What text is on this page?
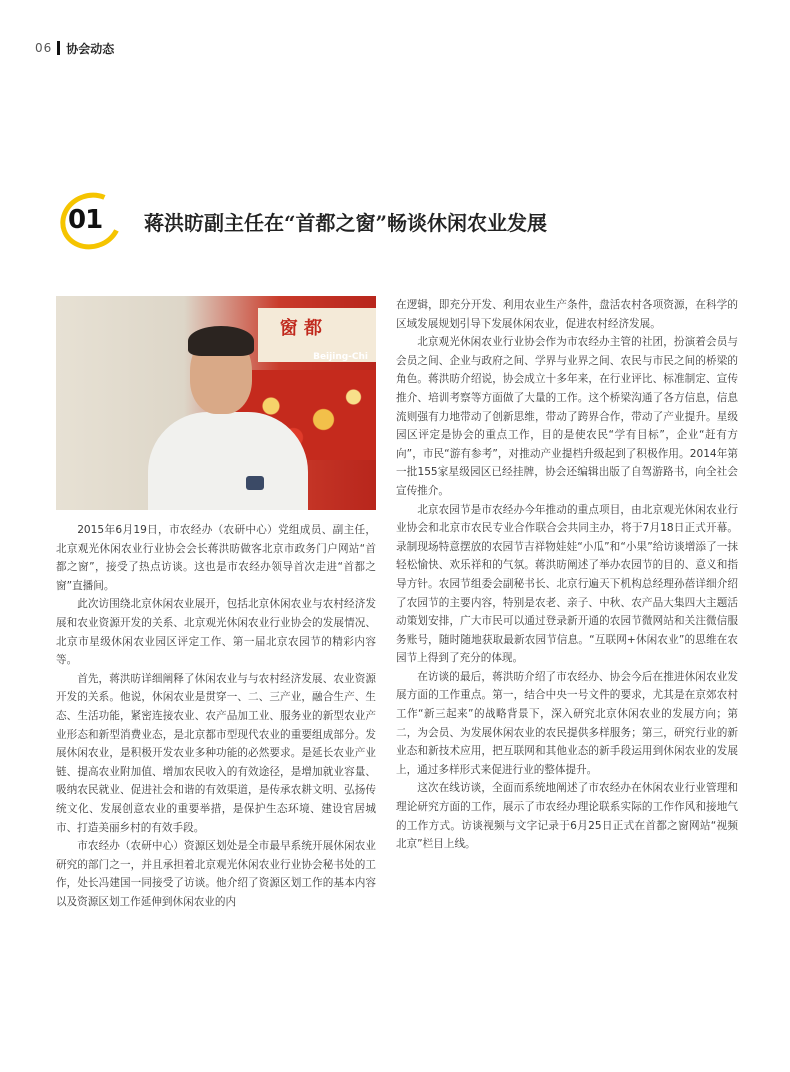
06 协会动态
01 蒋洪昉副主任在“首都之窗”畅谈休闲农业发展
窗 都
Beijing-Chi

2015年6月19日，市农经办（农研中心）党组成员、副主任，北京观光休闲农业行业协会会长蒋洪昉做客北京市政务门户网站“首都之窗”，接受了热点访谈。这也是市农经办领导首次走进“首都之窗”直播间。

此次访围绕北京休闲农业展开，包括北京休闲农业与农村经济发展和农业资源开发的关系、北京观光休闲农业行业协会的发展情况、北京市星级休闲农业园区评定工作、第一届北京农园节的精彩内容等。

首先，蒋洪昉详细阐释了休闲农业与与农村经济发展、农业资源开发的关系。他说，休闲农业是贯穿一、二、三产业，融合生产、生态、生活功能，紧密连接农业、农产品加工业、服务业的新型农业产业形态和新型消费业态，是北京都市型现代农业的重要组成部分。发展休闲农业，是积极开发农业多种功能的必然要求。是延长农业产业链、提高农业附加值、增加农民收入的有效途径，是增加就业容量、吸纳农民就业、促进社会和谐的有效渠道，是传承农耕文明、弘扬传统文化、发展创意农业的重要举措，是保护生态环境、建设官居城市、打造美丽乡村的有效手段。

市农经办（农研中心）资源区划处是全市最早系统开展休闲农业研究的部门之一，并且承担着北京观光休闲农业行业协会秘书处的工作，处长冯建国一同接受了访谈。他介绍了资源区划工作的基本内容以及资源区划工作延伸到休闲农业的内

在逻辑，即充分开发、利用农业生产条件，盘活农村各项资源，在科学的区域发展规划引导下发展休闲农业，促进农村经济发展。

北京观光休闲农业行业协会作为市农经办主管的社团，扮演着会员与会员之间、企业与政府之间、学界与业界之间、农民与市民之间的桥梁的角色。蒋洪昉介绍说，协会成立十多年来，在行业评比、标准制定、宣传推介、培训考察等方面做了大量的工作。这个桥梁沟通了各方信息，信息流则强有力地带动了创新思维，带动了跨界合作，带动了产业提升。星级园区评定是协会的重点工作，目的是使农民“学有目标”，企业“赶有方向”，市民“游有参考”，对推动产业提档升级起到了积极作用。2014年第一批155家星级园区已经挂牌，协会还编辑出版了自驾游路书，向全社会宣传推介。

北京农园节是市农经办今年推动的重点项目，由北京观光休闲农业行业协会和北京市农民专业合作联合会共同主办，将于7月18日正式开幕。录制现场特意摆放的农园节吉祥物娃娃“小瓜”和“小果”给访谈增添了一抹轻松愉快、欢乐祥和的气氛。蒋洪昉阐述了举办农园节的目的、意义和指导方针。农园节组委会副秘书长、北京行遍天下机构总经理孙蓓详细介绍了农园节的主要内容，特别是农老、亲子、中秋、农产品大集四大主题活动策划安排，广大市民可以通过登录新开通的农园节微网站和关注微信服务账号，随时随地获取最新农园节信息。“互联网+休闲农业”的思维在农园节上得到了充分的体现。

在访谈的最后，蒋洪昉介绍了市农经办、协会今后在推进休闲农业发展方面的工作重点。第一，结合中央一号文件的要求，尤其是在京郊农村工作“新三起来”的战略背景下，深入研究北京休闲农业的发展方向；第二，为会员、为发展休闲农业的农民提供多样服务；第三，研究行业的新业态和新技术应用，把互联网和其他业态的新手段运用到休闲农业的发展上，通过多样形式来促进行业的整体提升。

这次在线访谈，全面而系统地阐述了市农经办在休闲农业行业管理和理论研究方面的工作，展示了市农经办理论联系实际的工作作风和接地气的工作方式。访谈视频与文字记录于6月25日正式在首都之窗网站“视频北京”栏目上线。
